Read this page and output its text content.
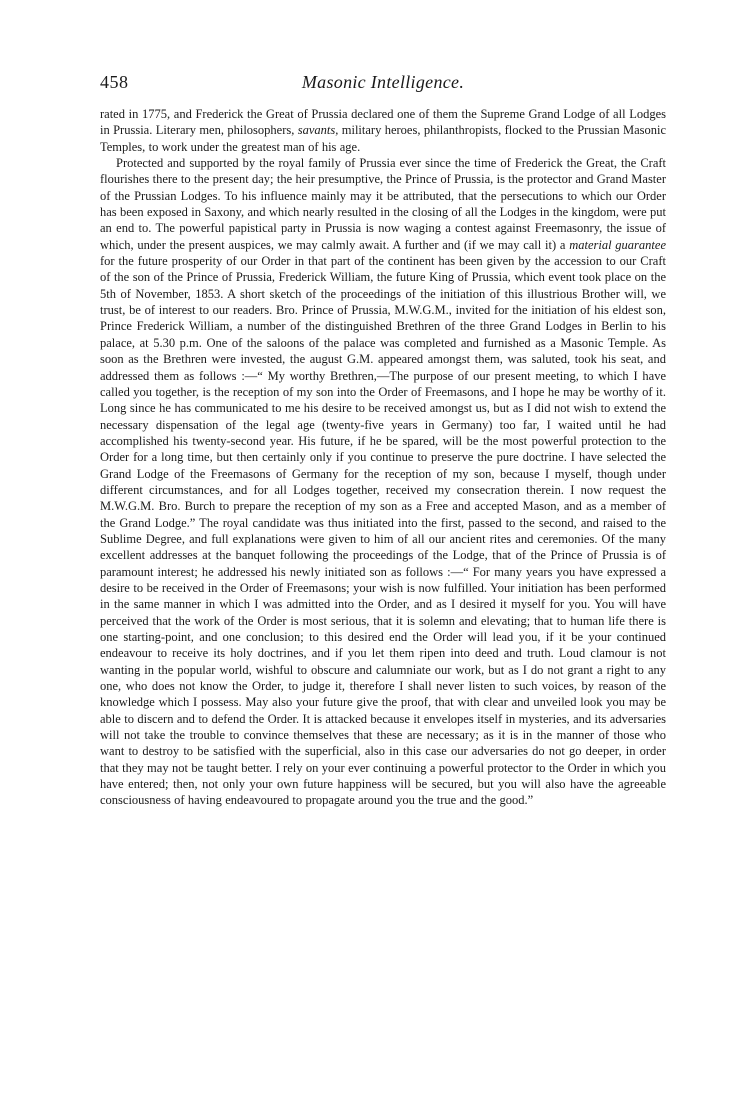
458	Masonic Intelligence.

rated in 1775, and Frederick the Great of Prussia declared one of them the Supreme Grand Lodge of all Lodges in Prussia. Literary men, philosophers, savants, military heroes, philanthropists, flocked to the Prussian Masonic Temples, to work under the greatest man of his age.

Protected and supported by the royal family of Prussia ever since the time of Frederick the Great, the Craft flourishes there to the present day; the heir presumptive, the Prince of Prussia, is the protector and Grand Master of the Prussian Lodges. To his influence mainly may it be attributed, that the persecutions to which our Order has been exposed in Saxony, and which nearly resulted in the closing of all the Lodges in the kingdom, were put an end to. The powerful papistical party in Prussia is now waging a contest against Freemasonry, the issue of which, under the present auspices, we may calmly await. A further and (if we may call it) a material guarantee for the future prosperity of our Order in that part of the continent has been given by the accession to our Craft of the son of the Prince of Prussia, Frederick William, the future King of Prussia, which event took place on the 5th of November, 1853. A short sketch of the proceedings of the initiation of this illustrious Brother will, we trust, be of interest to our readers. Bro. Prince of Prussia, M.W.G.M., invited for the initiation of his eldest son, Prince Frederick William, a number of the distinguished Brethren of the three Grand Lodges in Berlin to his palace, at 5.30 p.m. One of the saloons of the palace was completed and furnished as a Masonic Temple. As soon as the Brethren were invested, the august G.M. appeared amongst them, was saluted, took his seat, and addressed them as follows :—“ My worthy Brethren,—The purpose of our present meeting, to which I have called you together, is the reception of my son into the Order of Freemasons, and I hope he may be worthy of it. Long since he has communicated to me his desire to be received amongst us, but as I did not wish to extend the necessary dispensation of the legal age (twenty-five years in Germany) too far, I waited until he had accomplished his twenty-second year. His future, if he be spared, will be the most powerful protection to the Order for a long time, but then certainly only if you continue to preserve the pure doctrine. I have selected the Grand Lodge of the Freemasons of Germany for the reception of my son, because I myself, though under different circumstances, and for all Lodges together, received my consecration therein. I now request the M.W.G.M. Bro. Burch to prepare the reception of my son as a Free and accepted Mason, and as a member of the Grand Lodge.” The royal candidate was thus initiated into the first, passed to the second, and raised to the Sublime Degree, and full explanations were given to him of all our ancient rites and ceremonies. Of the many excellent addresses at the banquet following the proceedings of the Lodge, that of the Prince of Prussia is of paramount interest; he addressed his newly initiated son as follows :—“ For many years you have expressed a desire to be received in the Order of Freemasons; your wish is now fulfilled. Your initiation has been performed in the same manner in which I was admitted into the Order, and as I desired it myself for you. You will have perceived that the work of the Order is most serious, that it is solemn and elevating; that to human life there is one starting-point, and one conclusion; to this desired end the Order will lead you, if it be your continued endeavour to receive its holy doctrines, and if you let them ripen into deed and truth. Loud clamour is not wanting in the popular world, wishful to obscure and calumniate our work, but as I do not grant a right to any one, who does not know the Order, to judge it, therefore I shall never listen to such voices, by reason of the knowledge which I possess. May also your future give the proof, that with clear and unveiled look you may be able to discern and to defend the Order. It is attacked because it envelopes itself in mysteries, and its adversaries will not take the trouble to convince themselves that these are necessary; as it is in the manner of those who want to destroy to be satisfied with the superficial, also in this case our adversaries do not go deeper, in order that they may not be taught better. I rely on your ever continuing a powerful protector to the Order in which you have entered; then, not only your own future happiness will be secured, but you will also have the agreeable consciousness of having endeavoured to propagate around you the true and the good.”
